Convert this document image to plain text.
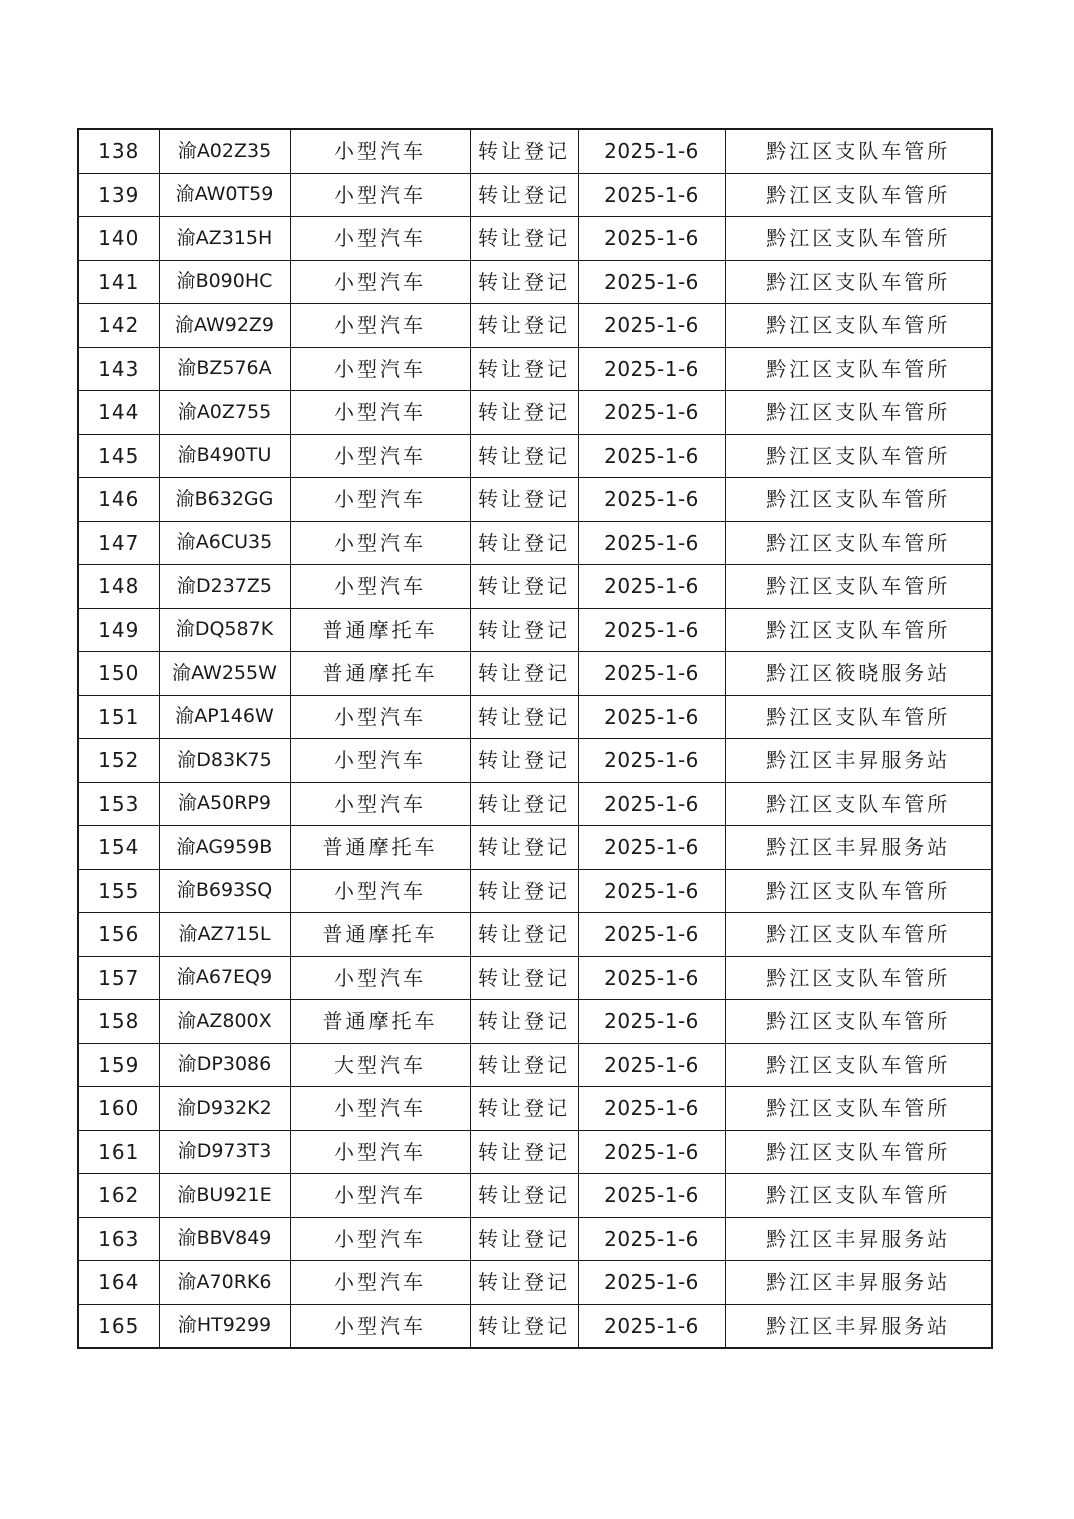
138	渝A02Z35	小型汽车	转让登记	2025-1-6	黔江区支队车管所
139	渝AW0T59	小型汽车	转让登记	2025-1-6	黔江区支队车管所
140	渝AZ315H	小型汽车	转让登记	2025-1-6	黔江区支队车管所
141	渝B090HC	小型汽车	转让登记	2025-1-6	黔江区支队车管所
142	渝AW92Z9	小型汽车	转让登记	2025-1-6	黔江区支队车管所
143	渝BZ576A	小型汽车	转让登记	2025-1-6	黔江区支队车管所
144	渝A0Z755	小型汽车	转让登记	2025-1-6	黔江区支队车管所
145	渝B490TU	小型汽车	转让登记	2025-1-6	黔江区支队车管所
146	渝B632GG	小型汽车	转让登记	2025-1-6	黔江区支队车管所
147	渝A6CU35	小型汽车	转让登记	2025-1-6	黔江区支队车管所
148	渝D237Z5	小型汽车	转让登记	2025-1-6	黔江区支队车管所
149	渝DQ587K	普通摩托车	转让登记	2025-1-6	黔江区支队车管所
150	渝AW255W	普通摩托车	转让登记	2025-1-6	黔江区筱晓服务站
151	渝AP146W	小型汽车	转让登记	2025-1-6	黔江区支队车管所
152	渝D83K75	小型汽车	转让登记	2025-1-6	黔江区丰昇服务站
153	渝A50RP9	小型汽车	转让登记	2025-1-6	黔江区支队车管所
154	渝AG959B	普通摩托车	转让登记	2025-1-6	黔江区丰昇服务站
155	渝B693SQ	小型汽车	转让登记	2025-1-6	黔江区支队车管所
156	渝AZ715L	普通摩托车	转让登记	2025-1-6	黔江区支队车管所
157	渝A67EQ9	小型汽车	转让登记	2025-1-6	黔江区支队车管所
158	渝AZ800X	普通摩托车	转让登记	2025-1-6	黔江区支队车管所
159	渝DP3086	大型汽车	转让登记	2025-1-6	黔江区支队车管所
160	渝D932K2	小型汽车	转让登记	2025-1-6	黔江区支队车管所
161	渝D973T3	小型汽车	转让登记	2025-1-6	黔江区支队车管所
162	渝BU921E	小型汽车	转让登记	2025-1-6	黔江区支队车管所
163	渝BBV849	小型汽车	转让登记	2025-1-6	黔江区丰昇服务站
164	渝A70RK6	小型汽车	转让登记	2025-1-6	黔江区丰昇服务站
165	渝HT9299	小型汽车	转让登记	2025-1-6	黔江区丰昇服务站
